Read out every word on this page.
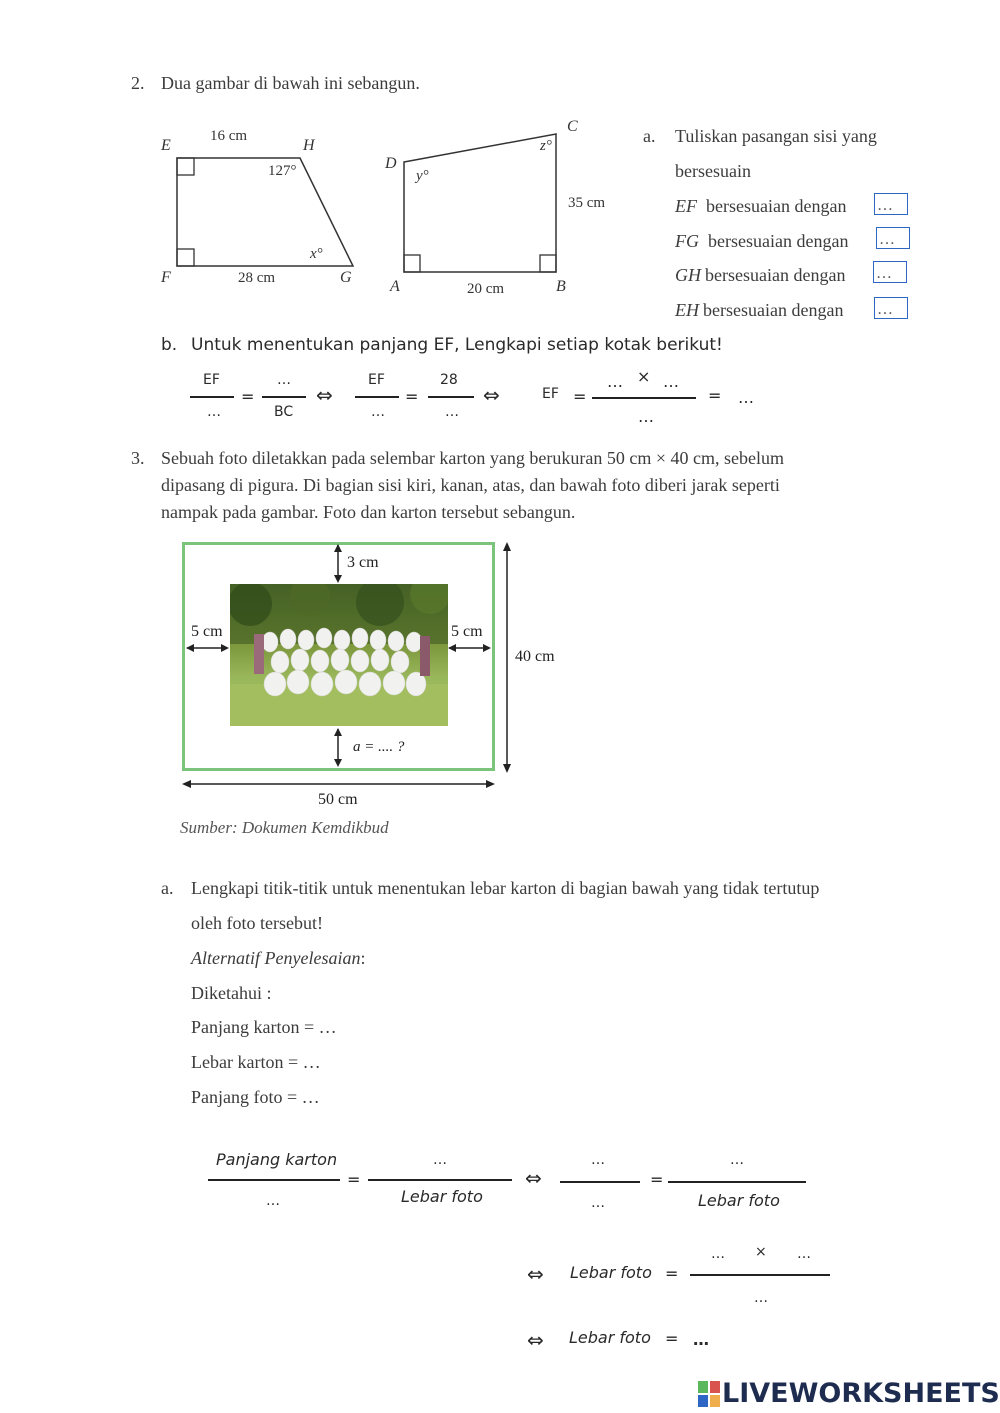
2. Dua gambar di bawah ini sebangun.
E
16 cm
H
127°
x°
F	28 cm	G
C
z°
D
y°
35 cm
A	20 cm	B
a. Tuliskan pasangan sisi yang
bersesuain
EF bersesuaian dengan …
FG bersesuaian dengan …
GH bersesuaian dengan …
EH bersesuaian dengan …
b. Untuk menentukan panjang EF, Lengkapi setiap kotak berikut!
EF
…
=
…
BC
⇔
EF
…
=
28
…
⇔	EF =
… × …
…
= …
3. Sebuah foto diletakkan pada selembar karton yang berukuran 50 cm × 40 cm, sebelum
dipasang di pigura. Di bagian sisi kiri, kanan, atas, dan bawah foto diberi jarak seperti
nampak pada gambar. Foto dan karton tersebut sebangun.
3 cm
5 cm	5 cm
a = .... ?
40 cm
50 cm
Sumber: Dokumen Kemdikbud
a. Lengkapi titik-titik untuk menentukan lebar karton di bagian bawah yang tidak tertutup
oleh foto tersebut!
Alternatif Penyelesaian:
Diketahui :
Panjang karton = …
Lebar karton = …
Panjang foto = …
Panjang karton
…
=
…
Lebar foto
⇔
…
…
=
…
Lebar foto
⇔ Lebar foto =
… × …
…
⇔ Lebar foto = …
LIVEWORKSHEETS
